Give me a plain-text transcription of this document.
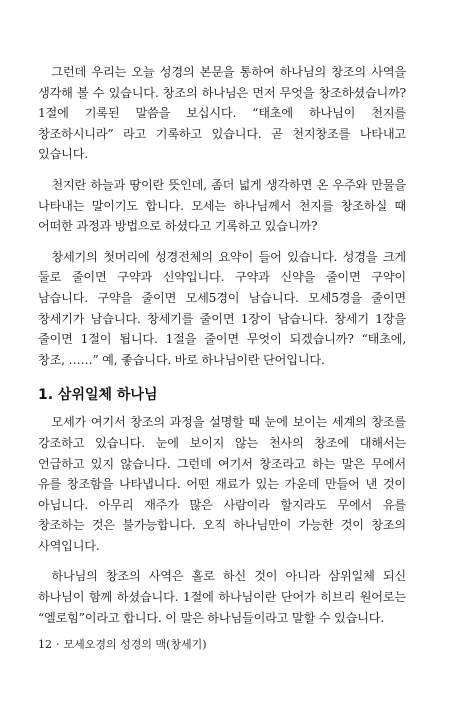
그런데 우리는 오늘 성경의 본문을 통하여 하나님의 창조의 사역을 생각해 볼 수 있습니다. 창조의 하나님은 먼저 무엇을 창조하셨습니까? 1절에 기록된 말씀을 보십시다. “태초에 하나님이 천지를 창조하시니라” 라고 기록하고 있습니다. 곧 천지창조를 나타내고 있습니다.

천지란 하늘과 땅이란 뜻인데, 좀더 넓게 생각하면 온 우주와 만물을 나타내는 말이기도 합니다. 모세는 하나님께서 천지를 창조하실 때 어떠한 과정과 방법으로 하셨다고 기록하고 있습니까?

창세기의 첫머리에 성경전체의 요약이 들어 있습니다. 성경을 크게 둘로 줄이면 구약과 신약입니다. 구약과 신약을 줄이면 구약이 남습니다. 구약을 줄이면 모세5경이 남습니다. 모세5경을 줄이면 창세기가 남습니다. 창세기를 줄이면 1장이 남습니다. 창세기 1장을 줄이면 1절이 됩니다. 1절을 줄이면 무엇이 되겠습니까? “태초에, 창조, ……” 예, 좋습니다. 바로 하나님이란 단어입니다.

1. 삼위일체 하나님

모세가 여기서 창조의 과정을 설명할 때 눈에 보이는 세계의 창조를 강조하고 있습니다. 눈에 보이지 않는 천사의 창조에 대해서는 언급하고 있지 않습니다. 그런데 여기서 창조라고 하는 말은 무에서 유를 창조함을 나타냅니다. 어떤 재료가 있는 가운데 만들어 낸 것이 아닙니다. 아무리 재주가 많은 사람이라 할지라도 무에서 유를 창조하는 것은 불가능합니다. 오직 하나님만이 가능한 것이 창조의 사역입니다.

하나님의 창조의 사역은 홀로 하신 것이 아니라 삼위일체 되신 하나님이 함께 하셨습니다. 1절에 하나님이란 단어가 히브리 원어로는 “엘로힘”이라고 합니다. 이 말은 하나님들이라고 말할 수 있습니다.

12 · 모세오경의 성경의 맥(창세기)
